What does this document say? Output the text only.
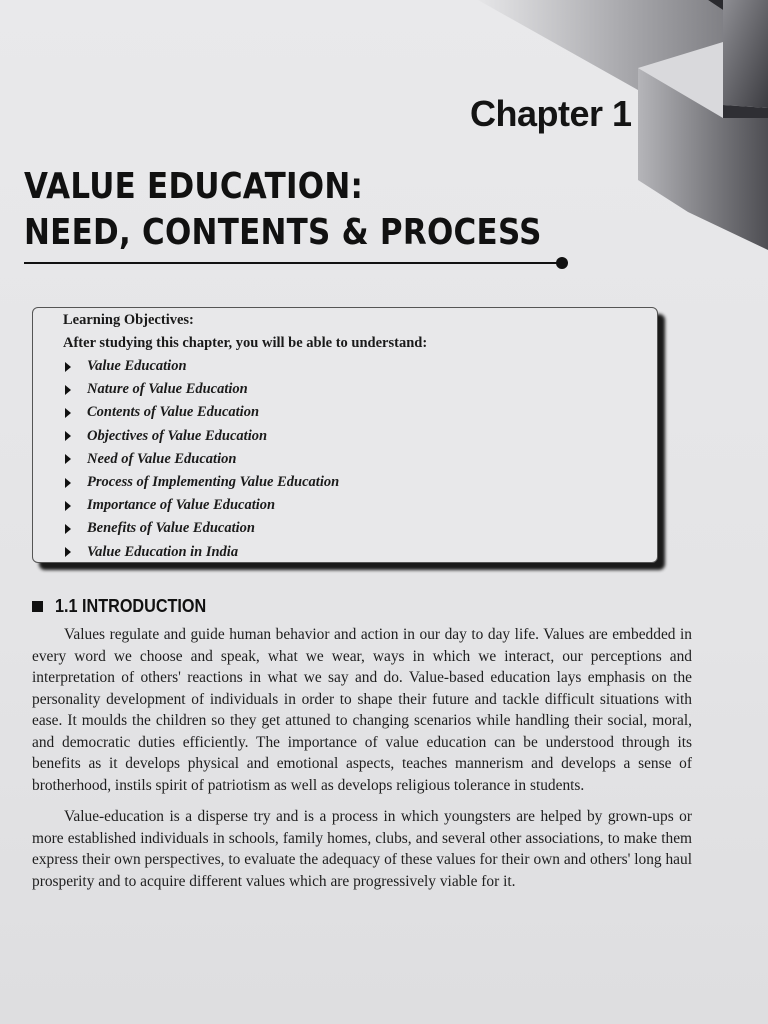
Chapter 1
VALUE EDUCATION:
NEED, CONTENTS & PROCESS
Learning Objectives:
After studying this chapter, you will be able to understand:
Value Education
Nature of Value Education
Contents of Value Education
Objectives of Value Education
Need of Value Education
Process of Implementing Value Education
Importance of Value Education
Benefits of Value Education
Value Education in India
1.1 INTRODUCTION

Values regulate and guide human behavior and action in our day to day life. Values are embedded in every word we choose and speak, what we wear, ways in which we interact, our perceptions and interpretation of others' reactions in what we say and do. Value-based education lays emphasis on the personality development of individuals in order to shape their future and tackle difficult situations with ease. It moulds the children so they get attuned to changing scenarios while handling their social, moral, and democratic duties efficiently. The importance of value education can be understood through its benefits as it develops physical and emotional aspects, teaches mannerism and develops a sense of brotherhood, instils spirit of patriotism as well as develops religious tolerance in students.

Value-education is a disperse try and is a process in which youngsters are helped by grown-ups or more established individuals in schools, family homes, clubs, and several other associations, to make them express their own perspectives, to evaluate the adequacy of these values for their own and others' long haul prosperity and to acquire different values which are progressively viable for it.
